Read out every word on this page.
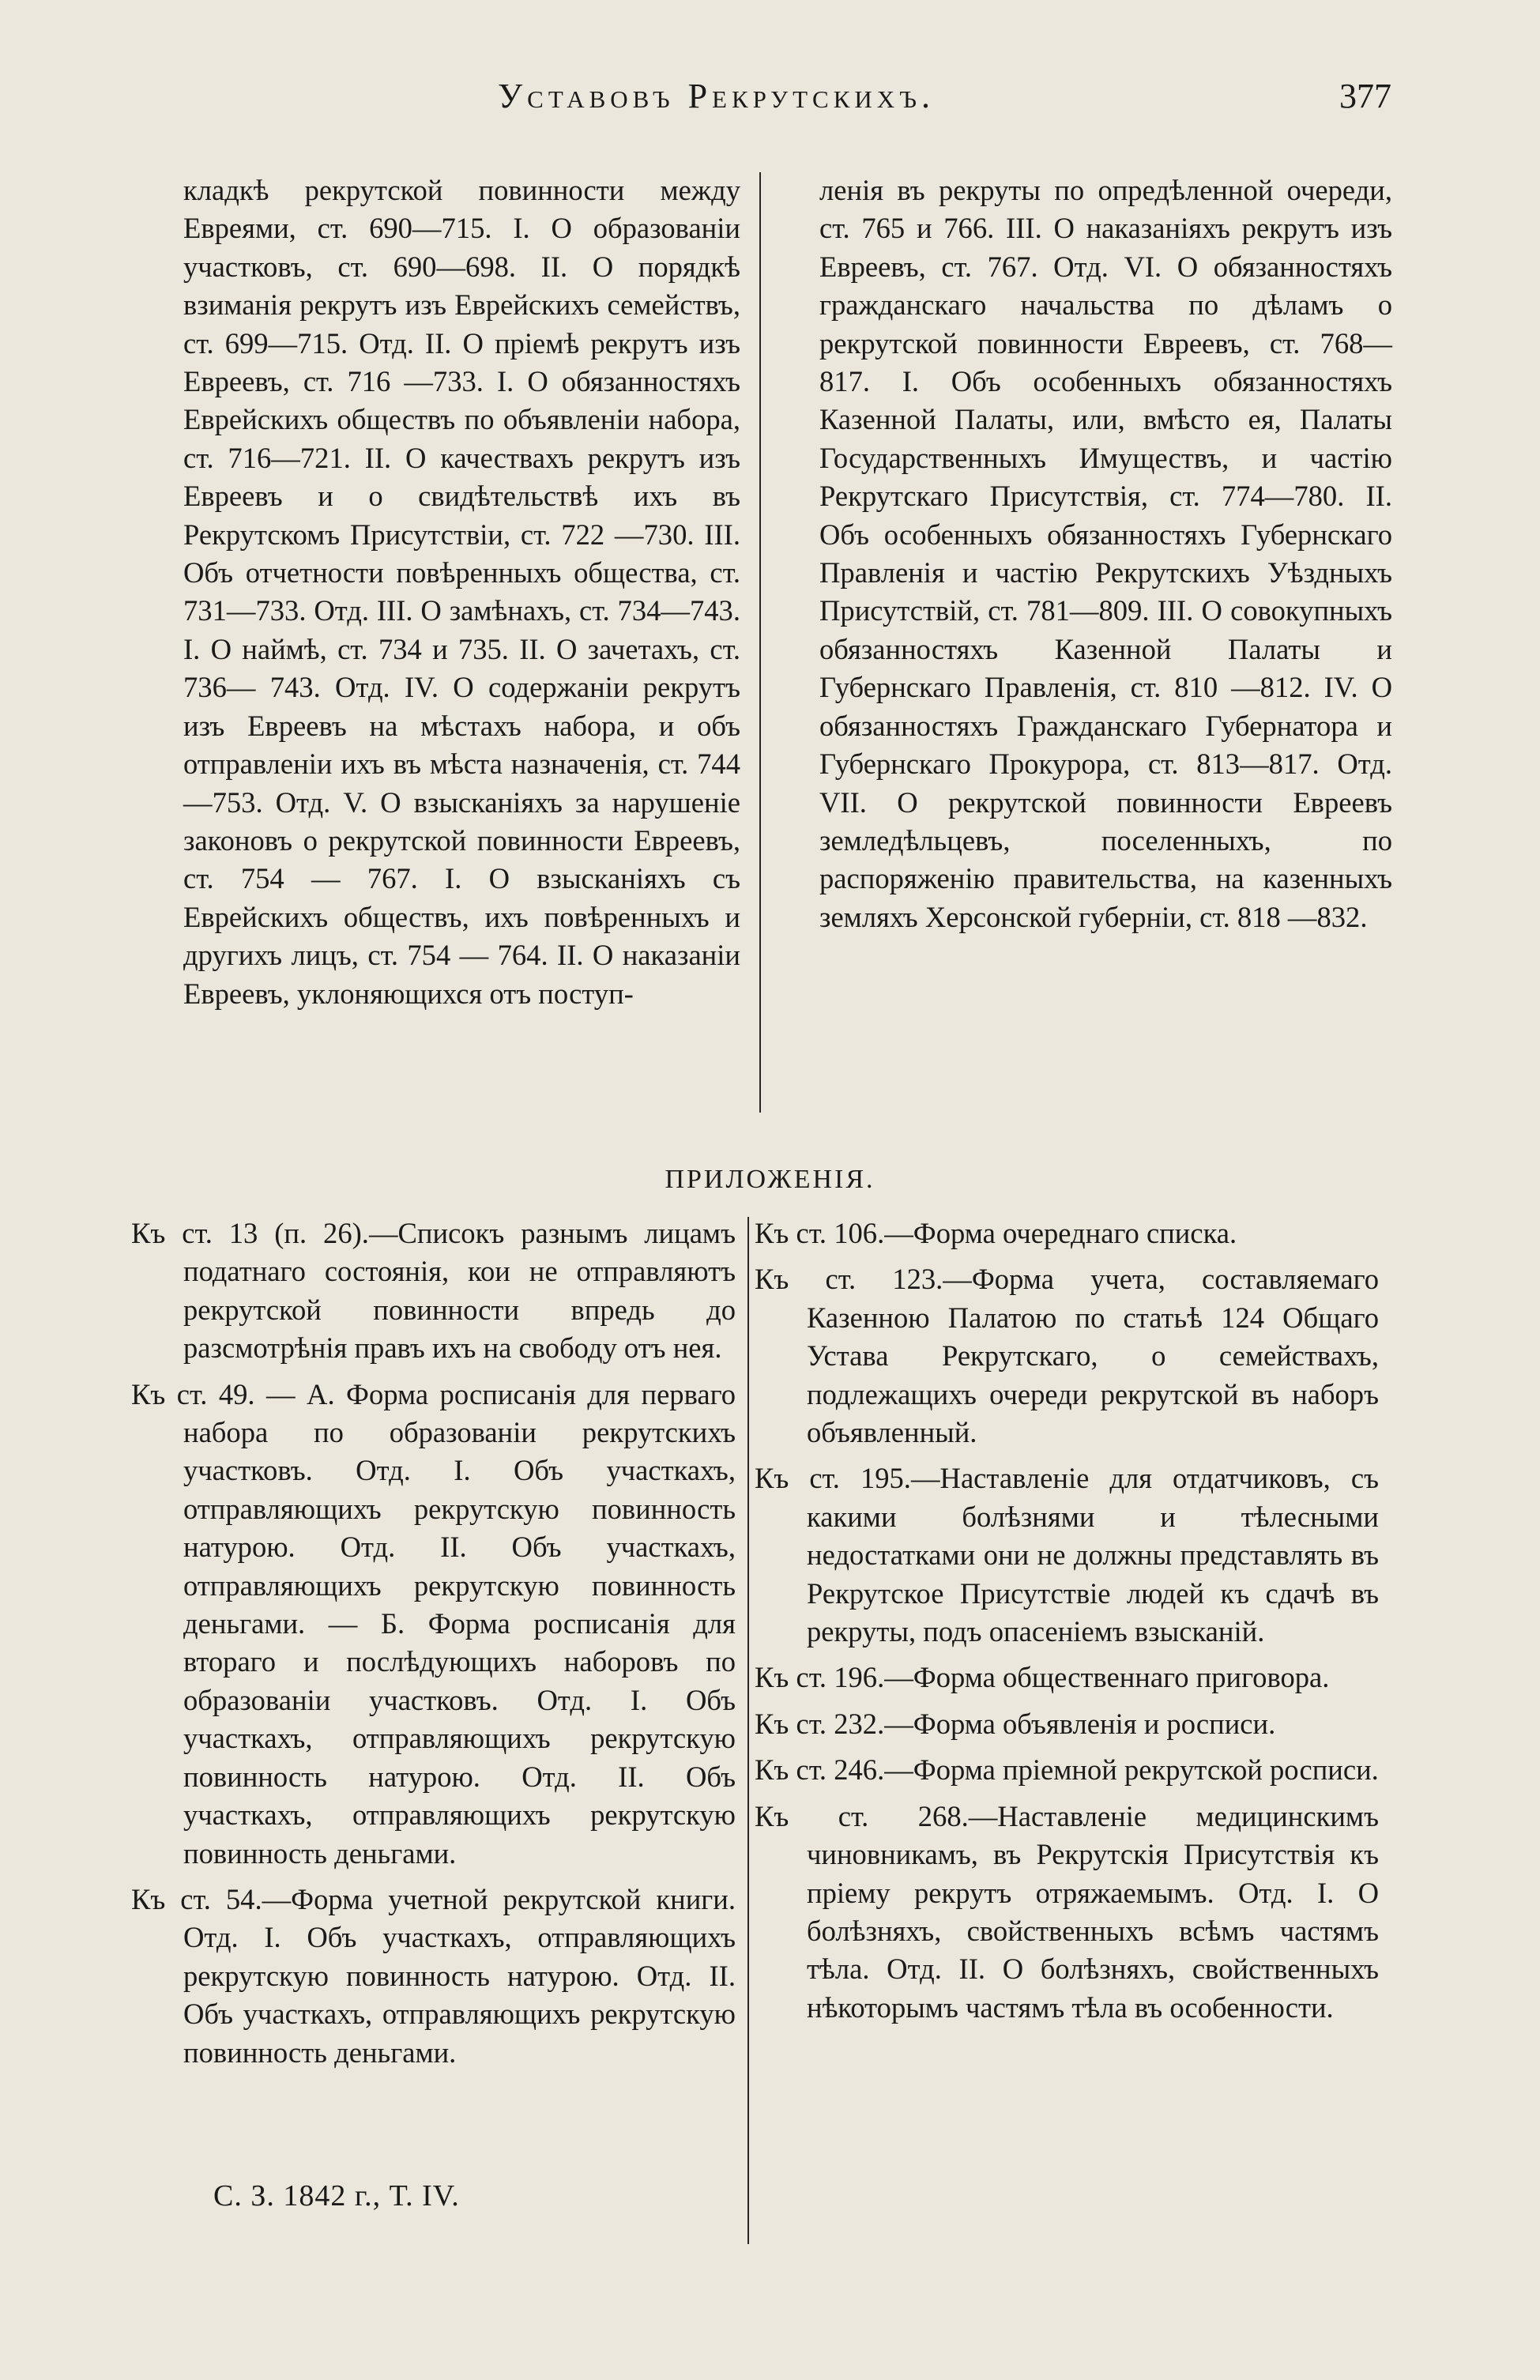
Уставовъ Рекрутскихъ.	377

кладкѣ рекрутской повинности между Евреями, ст. 690—715. I. О образованіи участковъ, ст. 690—698. II. О порядкѣ взиманія рекрутъ изъ Еврейскихъ семействъ, ст. 699—715. Отд. II. О пріемѣ рекрутъ изъ Евреевъ, ст. 716 —733. I. О обязанностяхъ Еврейскихъ обществъ по объявленіи набора, ст. 716—721. II. О качествахъ рекрутъ изъ Евреевъ и о свидѣтельствѣ ихъ въ Рекрутскомъ Присутствіи, ст. 722 —730. III. Объ отчетности повѣренныхъ общества, ст. 731—733. Отд. III. О замѣнахъ, ст. 734—743. I. О наймѣ, ст. 734 и 735. II. О зачетахъ, ст. 736— 743. Отд. IV. О содержаніи рекрутъ изъ Евреевъ на мѣстахъ набора, и объ отправленіи ихъ въ мѣста назначенія, ст. 744—753. Отд. V. О взысканіяхъ за нарушеніе законовъ о рекрутской повинности Евреевъ, ст. 754 — 767. I. О взысканіяхъ съ Еврейскихъ обществъ, ихъ повѣренныхъ и другихъ лицъ, ст. 754 — 764. II. О наказаніи Евреевъ, уклоняющихся отъ поступ-

ленія въ рекруты по опредѣленной очереди, ст. 765 и 766. III. О наказаніяхъ рекрутъ изъ Евреевъ, ст. 767. Отд. VI. О обязанностяхъ гражданскаго начальства по дѣламъ о рекрутской повинности Евреевъ, ст. 768—817. I. Объ особенныхъ обязанностяхъ Казенной Палаты, или, вмѣсто ея, Палаты Государственныхъ Имуществъ, и частію Рекрутскаго Присутствія, ст. 774—780. II. Объ особенныхъ обязанностяхъ Губернскаго Правленія и частію Рекрутскихъ Уѣздныхъ Присутствій, ст. 781—809. III. О совокупныхъ обязанностяхъ Казенной Палаты и Губернскаго Правленія, ст. 810 —812. IV. О обязанностяхъ Гражданскаго Губернатора и Губернскаго Прокурора, ст. 813—817. Отд. VII. О рекрутской повинности Евреевъ земледѣльцевъ, поселенныхъ, по распоряженію правительства, на казенныхъ земляхъ Херсонской губерніи, ст. 818 —832.

ПРИЛОЖЕНІЯ.

Къ ст. 13 (п. 26).—Списокъ разнымъ лицамъ податнаго состоянія, кои не отправляютъ рекрутской повинности впредь до разсмотрѣнія правъ ихъ на свободу отъ нея.

Къ ст. 49. — А. Форма росписанія для перваго набора по образованіи рекрутскихъ участковъ. Отд. I. Объ участкахъ, отправляющихъ рекрутскую повинность натурою. Отд. II. Объ участкахъ, отправляющихъ рекрутскую повинность деньгами. — Б. Форма росписанія для втораго и послѣдующихъ наборовъ по образованіи участковъ. Отд. I. Объ участкахъ, отправляющихъ рекрутскую повинность натурою. Отд. II. Объ участкахъ, отправляющихъ рекрутскую повинность деньгами.

Къ ст. 54.—Форма учетной рекрутской книги. Отд. I. Объ участкахъ, отправляющихъ рекрутскую повинность натурою. Отд. II. Объ участкахъ, отправляющихъ рекрутскую повинность деньгами.

Къ ст. 106.—Форма очереднаго списка.

Къ ст. 123.—Форма учета, составляемаго Казенною Палатою по статьѣ 124 Общаго Устава Рекрутскаго, о семействахъ, подлежащихъ очереди рекрутской въ наборъ объявленный.

Къ ст. 195.—Наставленіе для отдатчиковъ, съ какими болѣзнями и тѣлесными недостатками они не должны представлять въ Рекрутское Присутствіе людей къ сдачѣ въ рекруты, подъ опасеніемъ взысканій.

Къ ст. 196.—Форма общественнаго приговора.

Къ ст. 232.—Форма объявленія и росписи.

Къ ст. 246.—Форма пріемной рекрутской росписи.

Къ ст. 268.—Наставленіе медицинскимъ чиновникамъ, въ Рекрутскія Присутствія къ пріему рекрутъ отряжаемымъ. Отд. I. О болѣзняхъ, свойственныхъ всѣмъ частямъ тѣла. Отд. II. О болѣзняхъ, свойственныхъ нѣкоторымъ частямъ тѣла въ особенности.

С. З. 1842 г., Т. IV.
